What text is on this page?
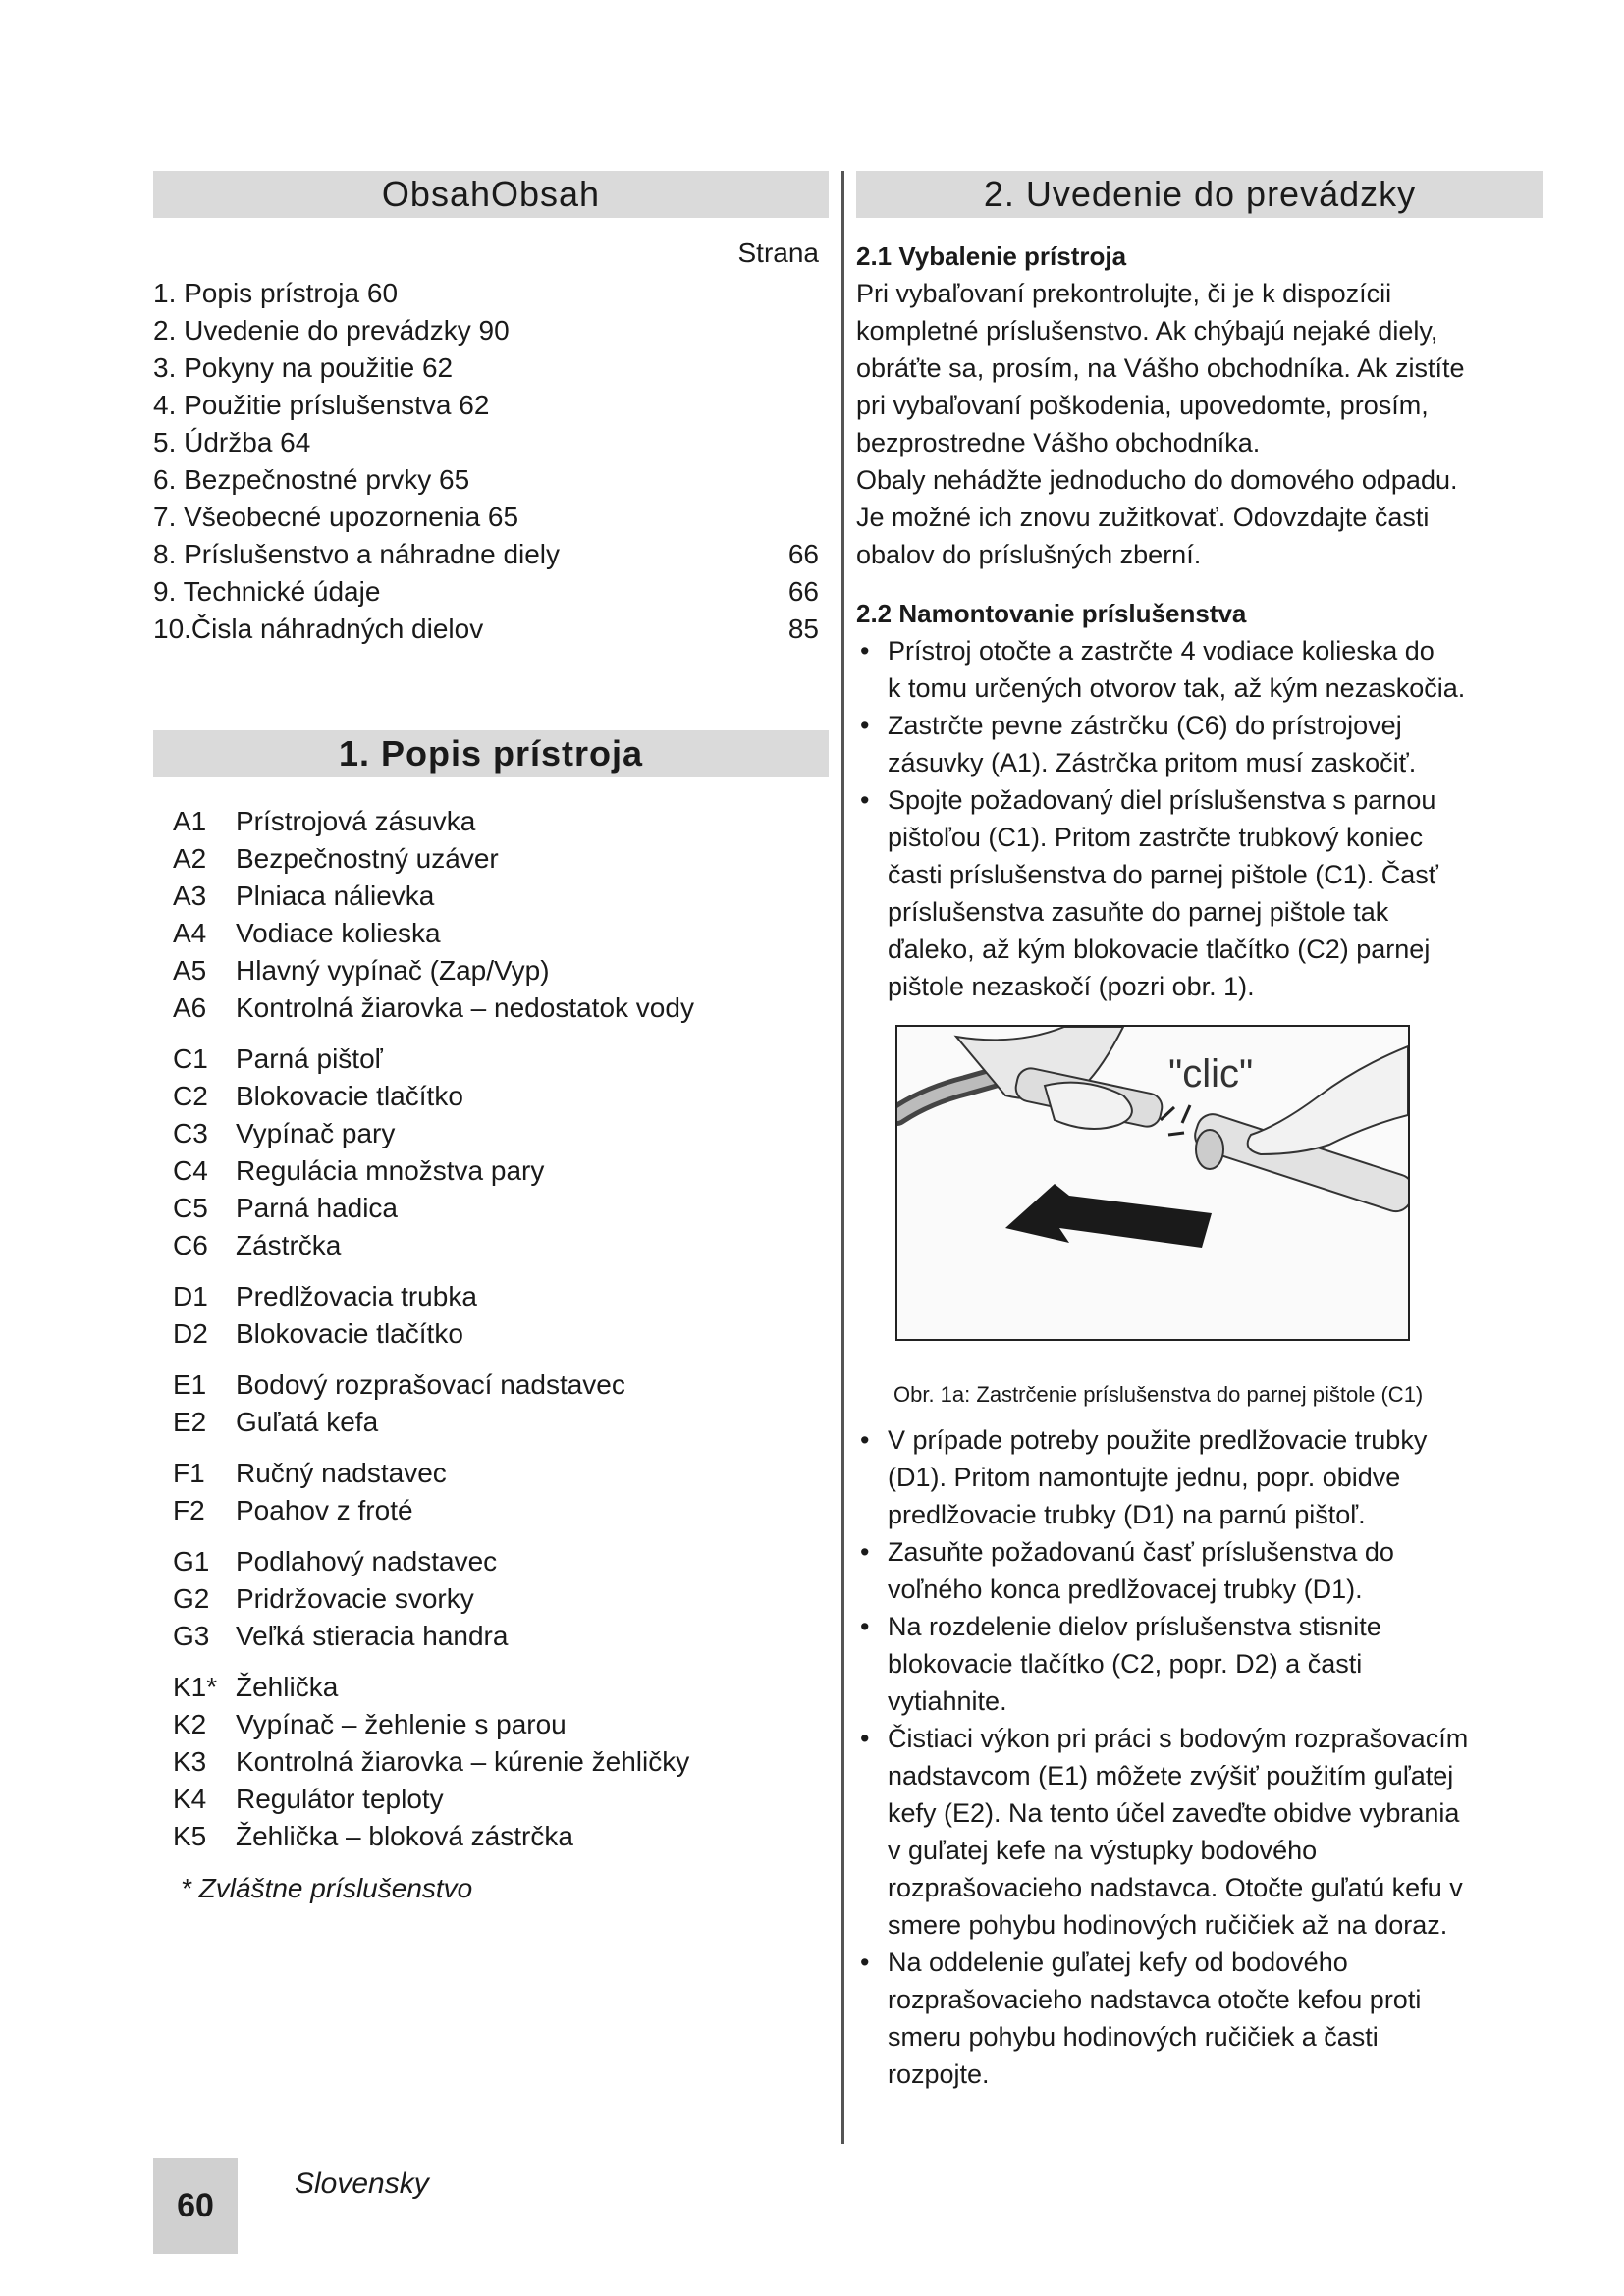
ObsahObsah
Strana
1. Popis prístroja 60
2. Uvedenie do prevádzky 90
3. Pokyny na použitie 62
4. Použitie príslušenstva 62
5. Údržba 64
6. Bezpečnostné prvky 65
7. Všeobecné upozornenia 65
8. Príslušenstvo a náhradne diely	66
9. Technické údaje	66
10.Čisla náhradných dielov	85
1. Popis prístroja
A1	Prístrojová zásuvka
A2	Bezpečnostný uzáver
A3	Plniaca nálievka
A4	Vodiace kolieska
A5	Hlavný vypínač (Zap/Vyp)
A6	Kontrolná žiarovka – nedostatok vody
C1	Parná pištoľ
C2	Blokovacie tlačítko
C3	Vypínač pary
C4	Regulácia množstva pary
C5	Parná hadica
C6	Zástrčka
D1	Predlžovacia trubka
D2	Blokovacie tlačítko
E1	Bodový rozprašovací nadstavec
E2	Guľatá kefa
F1	Ručný nadstavec
F2	Poahov z froté
G1 Podlahový nadstavec
G2 Pridržovacie svorky
G3 Veľká stieracia handra
K1* Žehlička
K2	Vypínač – žehlenie s parou
K3	Kontrolná žiarovka – kúrenie žehličky
K4	Regulátor teploty
K5	Žehlička – bloková zástrčka
* Zvláštne príslušenstvo
2. Uvedenie do prevádzky
2.1 Vybalenie prístroja
Pri vybaľovaní prekontrolujte, či je k dispozícii
kompletné príslušenstvo. Ak chýbajú nejaké diely,
obráťte sa, prosím, na Vášho obchodníka. Ak zistíte
pri vybaľovaní poškodenia, upovedomte, prosím,
bezprostredne Vášho obchodníka.
Obaly nehádžte jednoducho do domového odpadu.
Je možné ich znovu zužitkovať. Odovzdajte časti
obalov do príslušných zberní.
2.2 Namontovanie príslušenstva
• Prístroj otočte a zastrčte 4 vodiace kolieska do
k tomu určených otvorov tak, až kým nezaskočia.
• Zastrčte pevne zástrčku (C6) do prístrojovej
zásuvky (A1). Zástrčka pritom musí zaskočiť.
• Spojte požadovaný diel príslušenstva s parnou
pištoľou (C1). Pritom zastrčte trubkový koniec
časti príslušenstva do parnej pištole (C1). Časť
príslušenstva zasuňte do parnej pištole tak
ďaleko, až kým blokovacie tlačítko (C2) parnej
pištole nezaskočí (pozri obr. 1).
"clic"
Obr. 1a: Zastrčenie príslušenstva do parnej pištole (C1)
• V prípade potreby použite predlžovacie trubky
(D1). Pritom namontujte jednu, popr. obidve
predlžovacie trubky (D1) na parnú pištoľ.
• Zasuňte požadovanú časť príslušenstva do
voľného konca predlžovacej trubky (D1).
• Na rozdelenie dielov príslušenstva stisnite
blokovacie tlačítko (C2, popr. D2) a časti
vytiahnite.
• Čistiaci výkon pri práci s bodovým rozprašovacím
nadstavcom (E1) môžete zvýšiť použitím guľatej
kefy (E2). Na tento účel zaveďte obidve vybrania
v guľatej kefe na výstupky bodového
rozprašovacieho nadstavca. Otočte guľatú kefu v
smere pohybu hodinových ručičiek až na doraz.
• Na oddelenie guľatej kefy od bodového
rozprašovacieho nadstavca otočte kefou proti
smeru pohybu hodinových ručičiek a časti
rozpojte.
60
Slovensky
